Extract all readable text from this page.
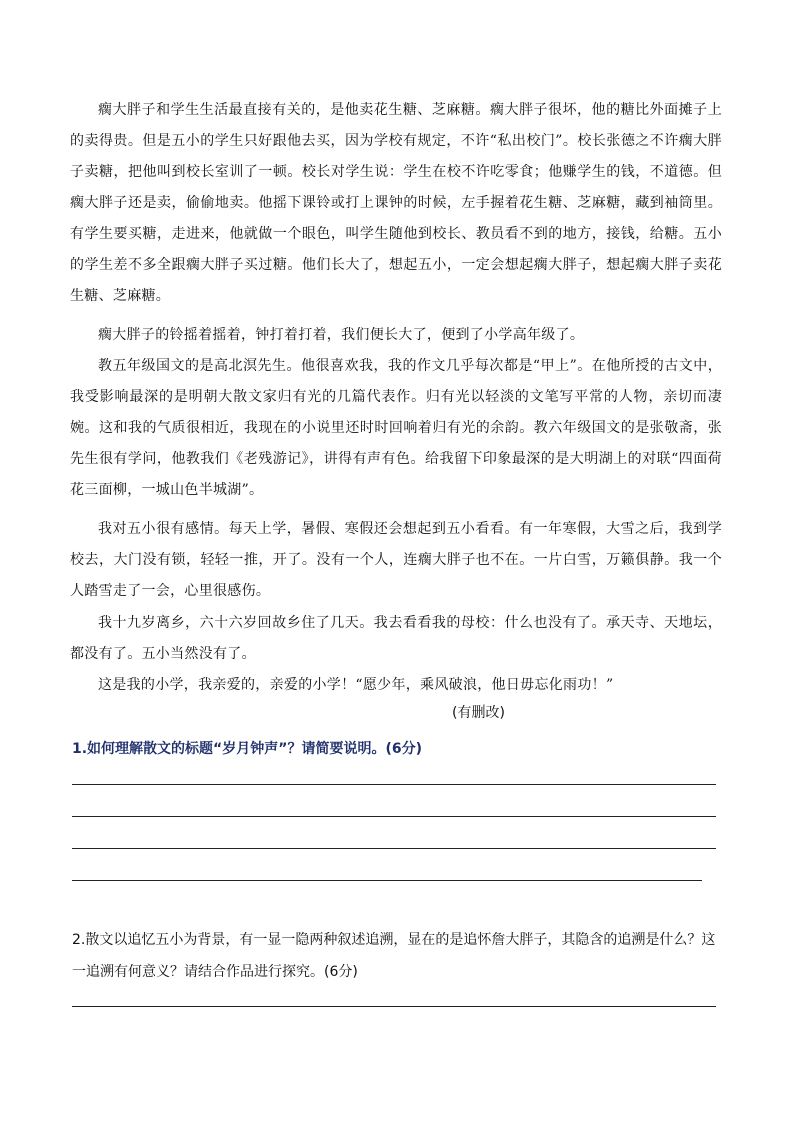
瘸大胖子和学生生活最直接有关的，是他卖花生糖、芝麻糖。瘸大胖子很坏，他的糖比外面摊子上的卖得贵。但是五小的学生只好跟他去买，因为学校有规定，不许“私出校门”。校长张德之不许瘸大胖子卖糖，把他叫到校长室训了一顿。校长对学生说：学生在校不许吃零食；他赚学生的钱，不道德。但瘸大胖子还是卖，偷偷地卖。他摇下课铃或打上课钟的时候，左手握着花生糖、芝麻糖，藏到袖筒里。有学生要买糖，走进来，他就做一个眼色，叫学生随他到校长、教员看不到的地方，接钱，给糖。五小的学生差不多全跟瘸大胖子买过糖。他们长大了，想起五小，一定会想起瘸大胖子，想起瘸大胖子卖花生糖、芝麻糖。

瘸大胖子的铃摇着摇着，钟打着打着，我们便长大了，便到了小学高年级了。

教五年级国文的是高北溟先生。他很喜欢我，我的作文几乎每次都是“甲上”。在他所授的古文中，我受影响最深的是明朝大散文家归有光的几篇代表作。归有光以轻淡的文笔写平常的人物，亲切而凄婉。这和我的气质很相近，我现在的小说里还时时回响着归有光的余韵。教六年级国文的是张敬斋，张先生很有学问，他教我们《老残游记》，讲得有声有色。给我留下印象最深的是大明湖上的对联“四面荷花三面柳，一城山色半城湖”。

我对五小很有感情。每天上学，暑假、寒假还会想起到五小看看。有一年寒假，大雪之后，我到学校去，大门没有锁，轻轻一推，开了。没有一个人，连瘸大胖子也不在。一片白雪，万籁俱静。我一个人踏雪走了一会，心里很感伤。

我十九岁离乡，六十六岁回故乡住了几天。我去看看我的母校：什么也没有了。承天寺、天地坛，都没有了。五小当然没有了。

这是我的小学，我亲爱的，亲爱的小学！“愿少年，乘风破浪，他日毋忘化雨功！”

(有删改)

1.如何理解散文的标题“岁月钟声”？请简要说明。(6分)

2.散文以追忆五小为背景，有一显一隐两种叙述追溯，显在的是追怀詹大胖子，其隐含的追溯是什么？这一追溯有何意义？请结合作品进行探究。(6分)
